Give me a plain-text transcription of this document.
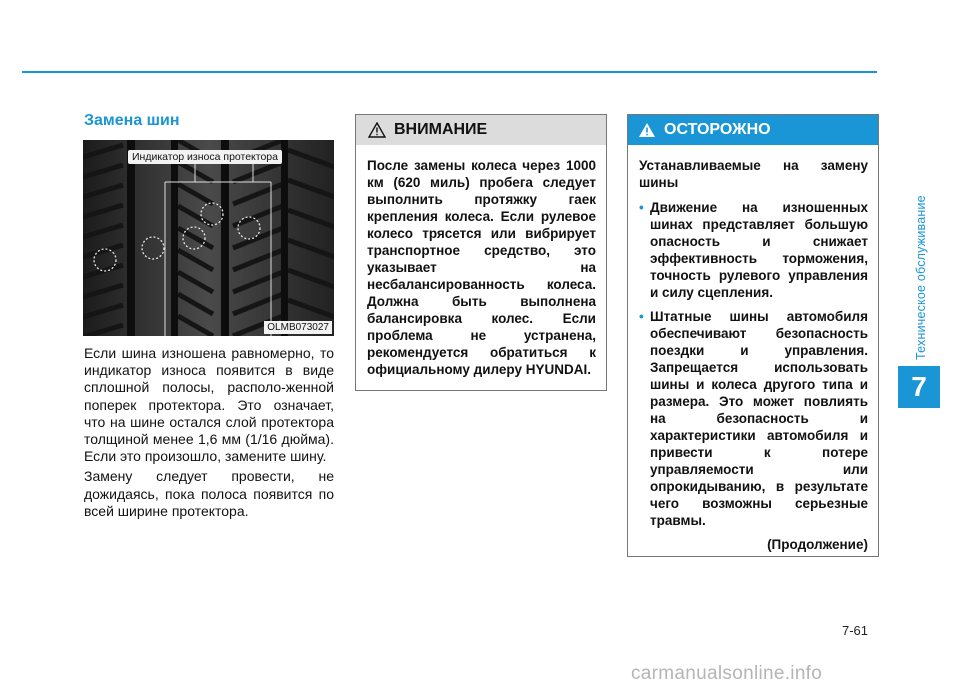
Техническое обслуживание
7
Замена шин
OLMB073027
Индикатор износа протектора

Если шина изношена равномерно, то индикатор износа появится в виде сплошной полосы, располо-женной поперек протектора. Это означает, что на шине остался слой протектора толщиной менее 1,6 мм (1/16 дюйма). Если это произошло, замените шину.

Замену следует провести, не дожидаясь, пока полоса появится по всей ширине протектора.

ВНИМАНИЕ

После замены колеса через 1000 км (620 миль) пробега следует выполнить протяжку гаек крепления колеса. Если рулевое колесо трясется или вибрирует транспортное средство, это указывает на несбалансированность колеса. Должна быть выполнена балансировка колес. Если проблема не устранена, рекомендуется обратиться к официальному дилеру HYUNDAI.

ОСТОРОЖНО

Устанавливаемые на замену шины

• Движение на изношенных шинах представляет большую опасность и снижает эффективность торможения, точность рулевого управления и силу сцепления.
• Штатные шины автомобиля обеспечивают безопасность поездки и управления. Запрещается использовать шины и колеса другого типа и размера. Это может повлиять на безопасность и характеристики автомобиля и привести к потере управляемости или опрокидыванию, в результате чего возможны серьезные травмы.
(Продолжение)
7-61
carmanualsonline.info
